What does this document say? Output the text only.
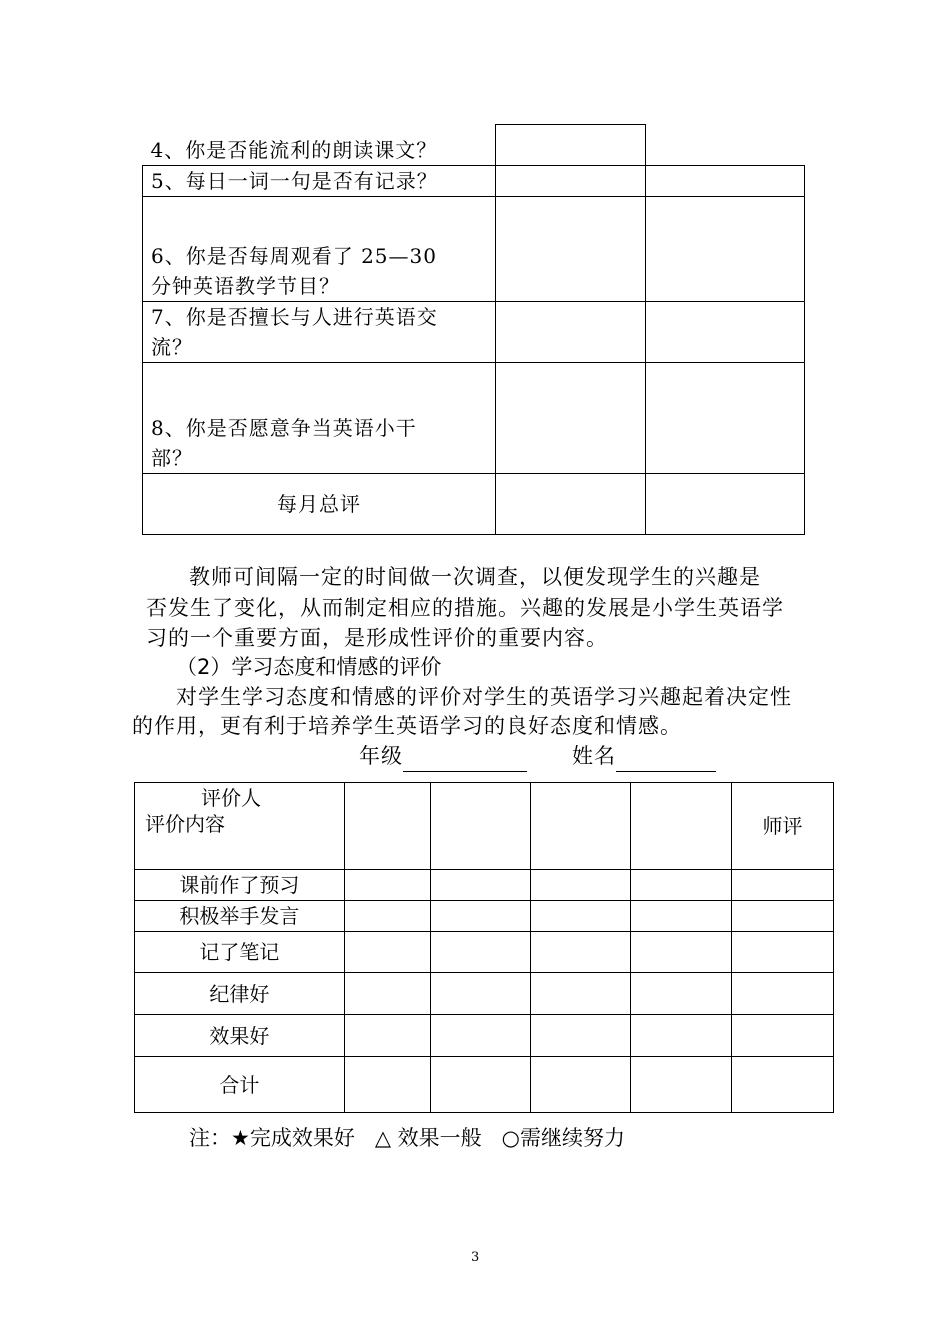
4、你是否能流利的朗读课文？		
5、每日一词一句是否有记录？		

6、你是否每周观看了 25—30 分钟英语教学节目？		

7、你是否擅长与人进行英语交流？		

8、你是否愿意争当英语小干部？		

每月总评		
教师可间隔一定的时间做一次调查，以便发现学生的兴趣是
否发生了变化，从而制定相应的措施。兴趣的发展是小学生英语学
习的一个重要方面，是形成性评价的重要内容。
（2）学习态度和情感的评价
对学生学习态度和情感的评价对学生的英语学习兴趣起着决定性
的作用，更有利于培养学生英语学习的良好态度和情感。
年级	姓名
评价人
评价内容					师评
课前作了预习					
积极举手发言					
记了笔记					
纪律好					
效果好					
合计					
注：★完成效果好 △ 效果一般 ○需继续努力
3
